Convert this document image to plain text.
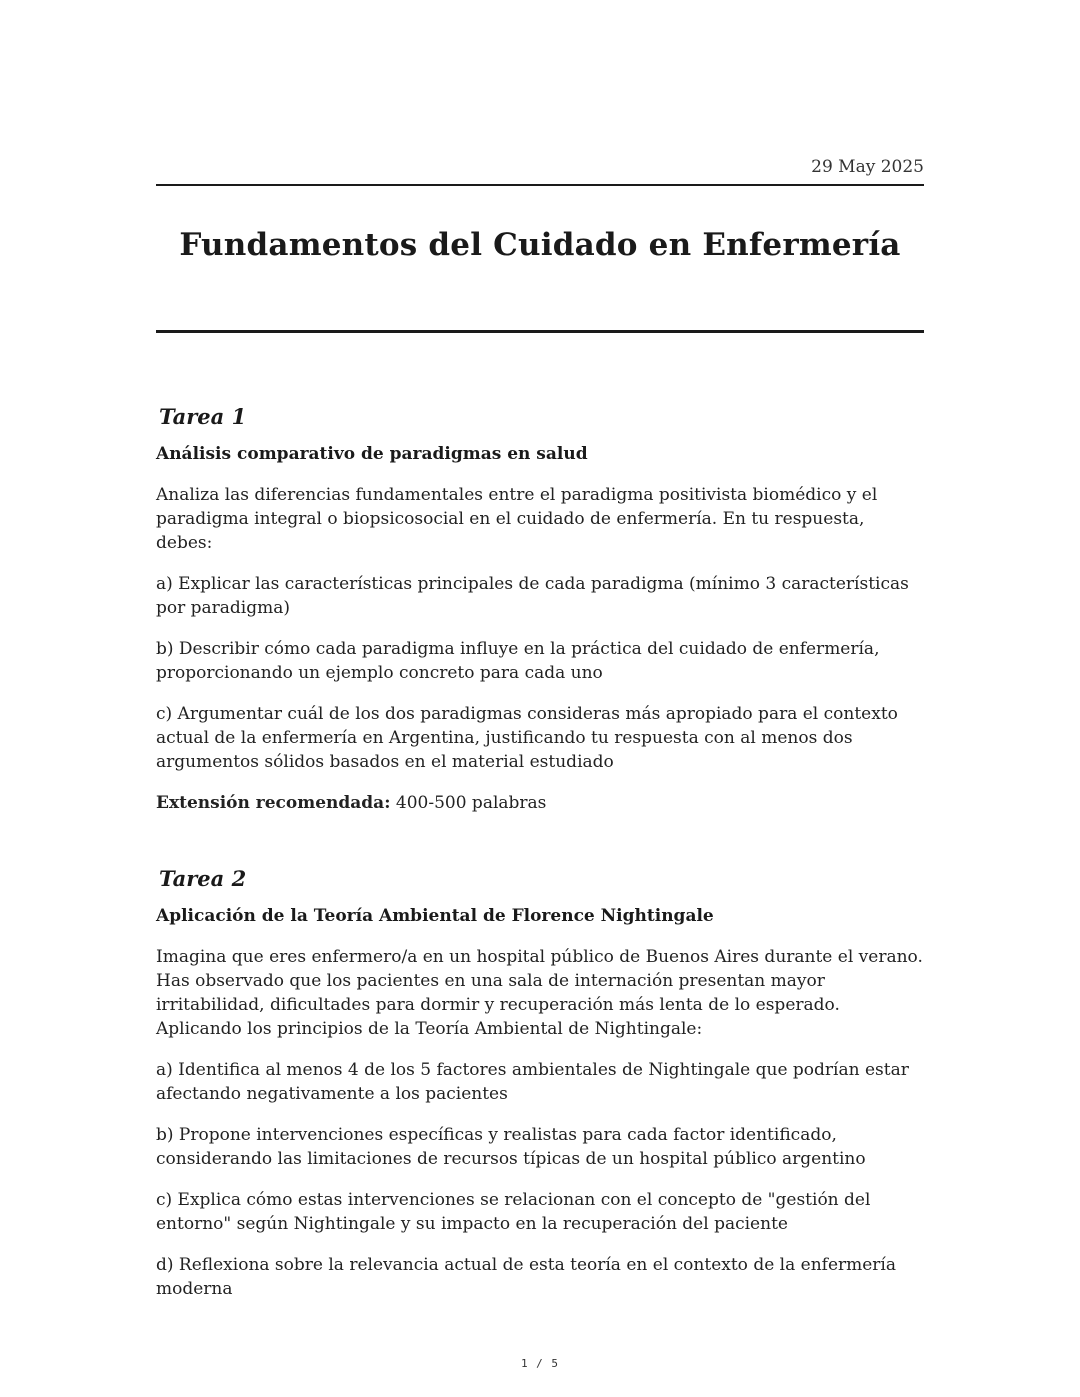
29 May 2025
Fundamentos del Cuidado en Enfermería
Tarea 1
Análisis comparativo de paradigmas en salud

Analiza las diferencias fundamentales entre el paradigma positivista biomédico y el paradigma integral o biopsicosocial en el cuidado de enfermería. En tu respuesta, debes:

a) Explicar las características principales de cada paradigma (mínimo 3 características por paradigma)

b) Describir cómo cada paradigma influye en la práctica del cuidado de enfermería, proporcionando un ejemplo concreto para cada uno

c) Argumentar cuál de los dos paradigmas consideras más apropiado para el contexto actual de la enfermería en Argentina, justificando tu respuesta con al menos dos argumentos sólidos basados en el material estudiado

Extensión recomendada: 400-500 palabras

Tarea 2
Aplicación de la Teoría Ambiental de Florence Nightingale

Imagina que eres enfermero/a en un hospital público de Buenos Aires durante el verano. Has observado que los pacientes en una sala de internación presentan mayor irritabilidad, dificultades para dormir y recuperación más lenta de lo esperado. Aplicando los principios de la Teoría Ambiental de Nightingale:

a) Identifica al menos 4 de los 5 factores ambientales de Nightingale que podrían estar afectando negativamente a los pacientes

b) Propone intervenciones específicas y realistas para cada factor identificado, considerando las limitaciones de recursos típicas de un hospital público argentino

c) Explica cómo estas intervenciones se relacionan con el concepto de "gestión del entorno" según Nightingale y su impacto en la recuperación del paciente

d) Reflexiona sobre la relevancia actual de esta teoría en el contexto de la enfermería moderna

1 / 5
